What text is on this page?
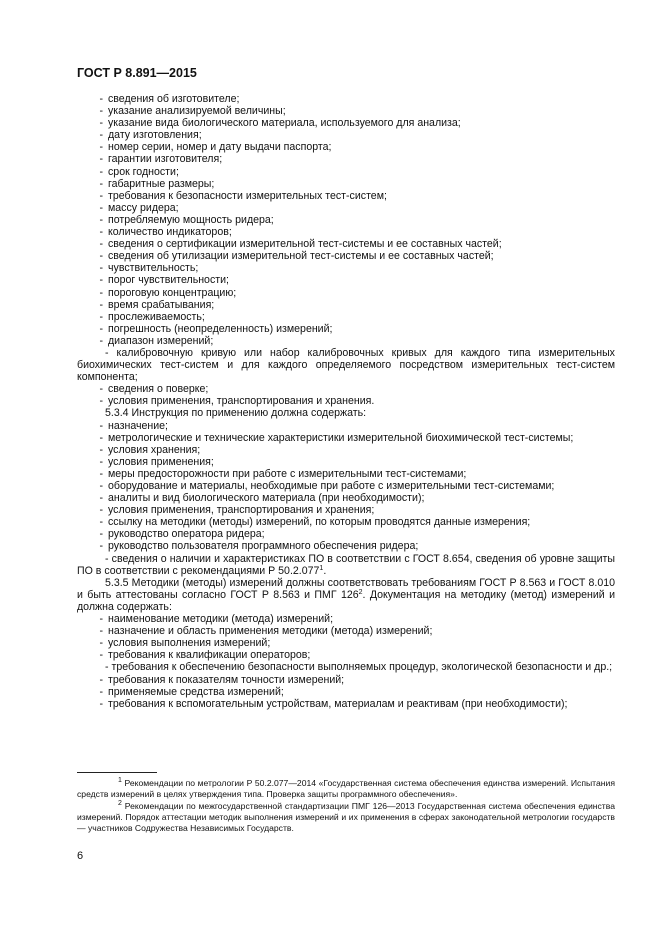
ГОСТ Р 8.891—2015
- сведения об изготовителе;
- указание анализируемой величины;
- указание вида биологического материала, используемого для анализа;
- дату изготовления;
- номер серии, номер и дату выдачи паспорта;
- гарантии изготовителя;
- срок годности;
- габаритные размеры;
- требования к безопасности измерительных тест-систем;
- массу ридера;
- потребляемую мощность ридера;
- количество индикаторов;
- сведения о сертификации измерительной тест-системы и ее составных частей;
- сведения об утилизации измерительной тест-системы и ее составных частей;
- чувствительность;
- порог чувствительности;
- пороговую концентрацию;
- время срабатывания;
- прослеживаемость;
- погрешность (неопределенность) измерений;
- диапазон измерений;
- калибровочную кривую или набор калибровочных кривых для каждого типа измерительных биохимических тест-систем и для каждого определяемого посредством измерительных тест-систем компонента;
- сведения о поверке;
- условия применения, транспортирования и хранения.
5.3.4 Инструкция по применению должна содержать:
- назначение;
- метрологические и технические характеристики измерительной биохимической тест-системы;
- условия хранения;
- условия применения;
- меры предосторожности при работе с измерительными тест-системами;
- оборудование и материалы, необходимые при работе с измерительными тест-системами;
- аналиты и вид биологического материала (при необходимости);
- условия применения, транспортирования и хранения;
- ссылку на методики (методы) измерений, по которым проводятся данные измерения;
- руководство оператора ридера;
- руководство пользователя программного обеспечения ридера;
- сведения о наличии и характеристиках ПО в соответствии с ГОСТ 8.654, сведения об уровне защиты ПО в соответствии с рекомендациями Р 50.2.077$^1$.
5.3.5 Методики (методы) измерений должны соответствовать требованиям ГОСТ Р 8.563 и ГОСТ 8.010 и быть аттестованы согласно ГОСТ Р 8.563 и ПМГ $126^2$. Документация на методику (метод) измерений и должна содержать:
- наименование методики (метода) измерений;
- назначение и область применения методики (метода) измерений;
- условия выполнения измерений;
- требования к квалификации операторов;
- требования к обеспечению безопасности выполняемых процедур, экологической безопасности и др.;
- требования к показателям точности измерений;
- применяемые средства измерений;
- требования к вспомогательным устройствам, материалам и реактивам (при необходимости);
$^1$ Рекомендации по метрологии Р 50.2.077—2014 «Государственная система обеспечения единства измерений. Испытания средств измерений в целях утверждения типа. Проверка защиты программного обеспечения».
$^2$ Рекомендации по межгосударственной стандартизации ПМГ 126—2013 Государственная система обеспечения единства измерений. Порядок аттестации методик выполнения измерений и их применения в сферах законодательной метрологии государств — участников Содружества Независимых Государств.
6
